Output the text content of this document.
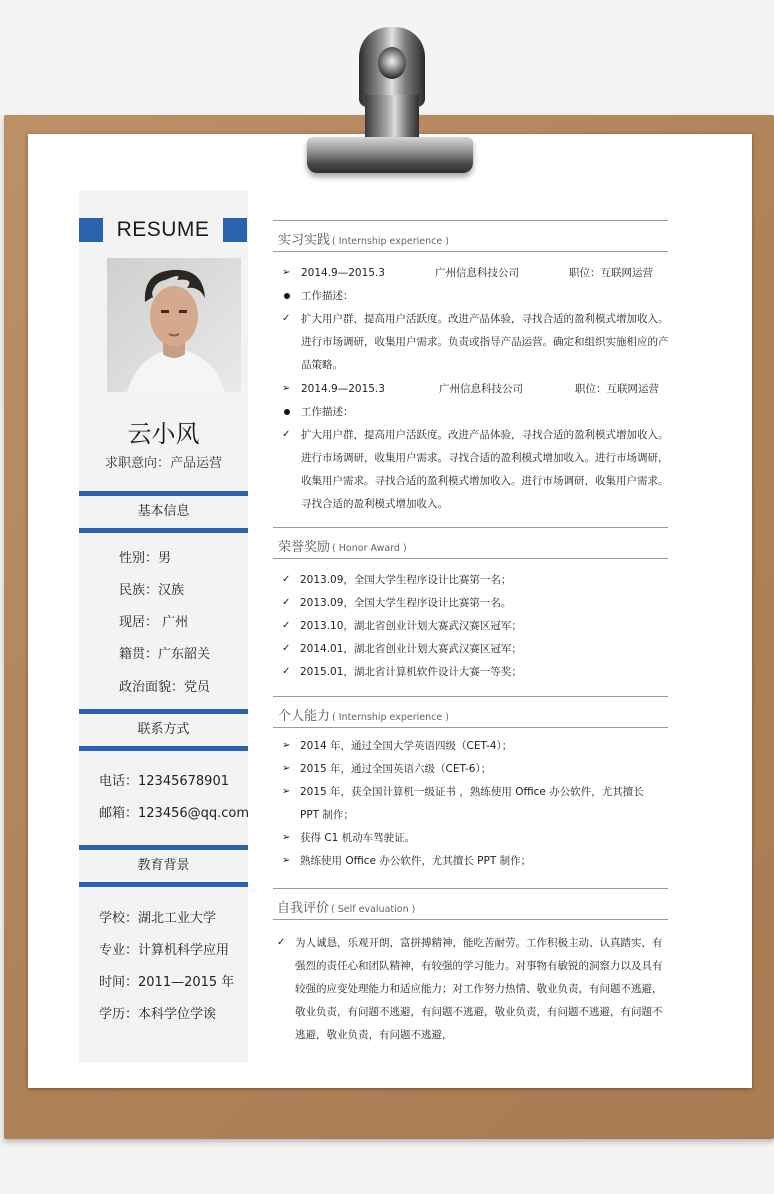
RESUME
云小风
求职意向：产品运营
基本信息
性别：男
民族：汉族
现居： 广州
籍贯：广东韶关
政治面貌：党员
联系方式
电话：12345678901
邮箱：123456@qq.com
教育背景
学校：湖北工业大学
专业：计算机科学应用
时间：2011—2015 年
学历：本科学位学诶
实习实践 ( Internship experience )
➢ 2014.9—2015.3	广州信息科技公司	职位：互联网运营
工作描述：
✓ 扩大用户群，提高用户活跃度。改进产品体验，寻找合适的盈利模式增加收入。
进行市场调研，收集用户需求。负责或指导产品运营。确定和组织实施相应的产
品策略。
➢ 2014.9—2015.3	广州信息科技公司	职位：互联网运营
工作描述：
✓ 扩大用户群，提高用户活跃度。改进产品体验，寻找合适的盈利模式增加收入。
进行市场调研，收集用户需求。寻找合适的盈利模式增加收入。进行市场调研，
收集用户需求。寻找合适的盈利模式增加收入。进行市场调研，收集用户需求。
寻找合适的盈利模式增加收入。
荣誉奖励 ( Honor Award )
✓ 2013.09，全国大学生程序设计比赛第一名；
✓ 2013.09，全国大学生程序设计比赛第一名。
✓ 2013.10，湖北省创业计划大赛武汉赛区冠军；
✓ 2014.01，湖北省创业计划大赛武汉赛区冠军；
✓ 2015.01，湖北省计算机软件设计大赛一等奖；
个人能力 ( Internship experience )
➢ 2014 年，通过全国大学英语四级（CET-4）；
➢ 2015 年，通过全国英语六级（CET-6）；
➢ 2015 年，获全国计算机一级证书 ，熟练使用 Office 办公软件，尤其擅长
PPT 制作；
➢ 获得 C1 机动车驾驶证。
➢ 熟练使用 Office 办公软件，尤其擅长 PPT 制作；
自我评价 ( Self evaluation )
✓ 为人诚恳，乐观开朗，富拼搏精神，能吃苦耐劳。工作积极主动、认真踏实，有
强烈的责任心和团队精神，有较强的学习能力。对事物有敏锐的洞察力以及具有
较强的应变处理能力和适应能力；对工作努力热情、敬业负责，有问题不逃避，
敬业负责，有问题不逃避，有问题不逃避，敬业负责，有问题不逃避，有问题不
逃避，敬业负责，有问题不逃避，
